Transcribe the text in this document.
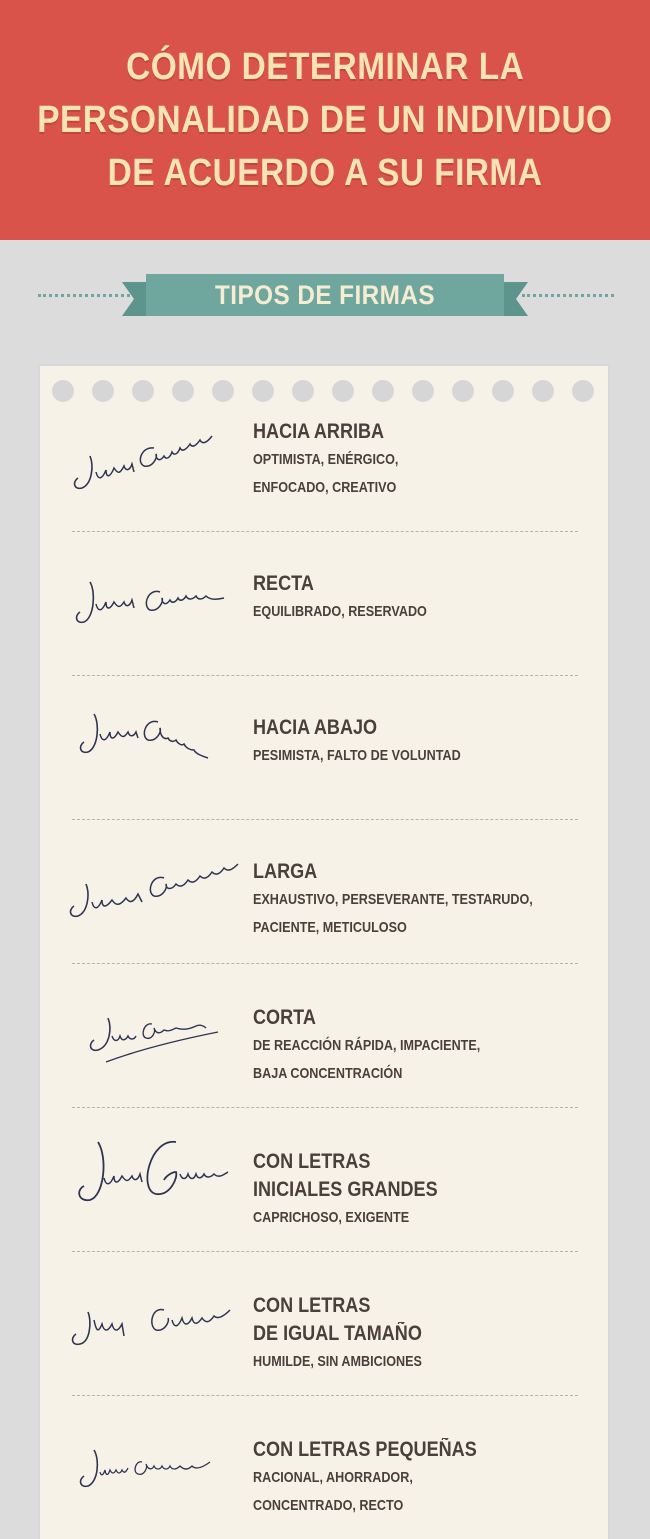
CÓMO DETERMINAR LA
PERSONALIDAD DE UN INDIVIDUO
DE ACUERDO A SU FIRMA
TIPOS DE FIRMAS
HACIA ARRIBA
OPTIMISTA, ENÉRGICO,
ENFOCADO, CREATIVO
RECTA
EQUILIBRADO, RESERVADO
HACIA ABAJO
PESIMISTA, FALTO DE VOLUNTAD
LARGA
EXHAUSTIVO, PERSEVERANTE, TESTARUDO,
PACIENTE, METICULOSO
CORTA
DE REACCIÓN RÁPIDA, IMPACIENTE,
BAJA CONCENTRACIÓN
CON LETRAS
INICIALES GRANDES
CAPRICHOSO, EXIGENTE
CON LETRAS
DE IGUAL TAMAÑO
HUMILDE, SIN AMBICIONES
CON LETRAS PEQUEÑAS
RACIONAL, AHORRADOR,
CONCENTRADO, RECTO
